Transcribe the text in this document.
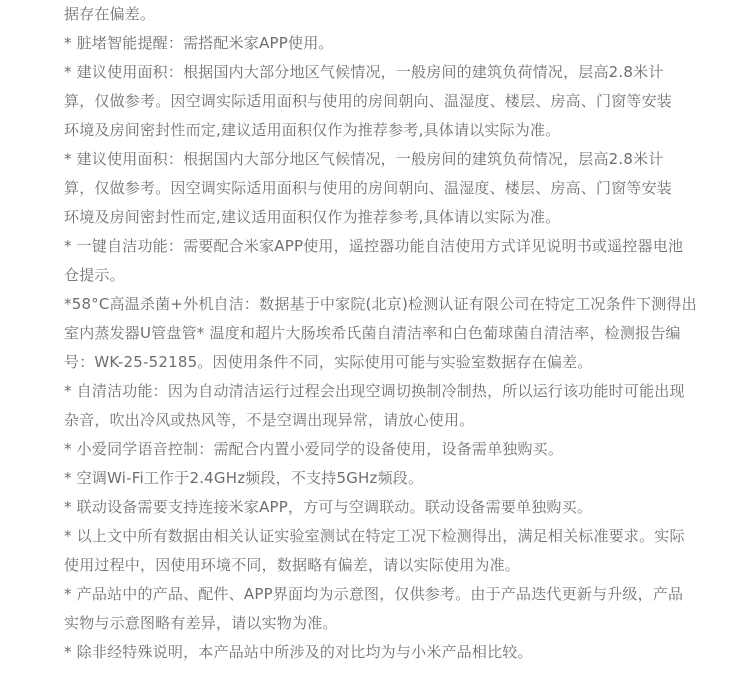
据存在偏差。
* 脏堵智能提醒：需搭配米家APP使用。
* 建议使用面积：根据国内大部分地区气候情况，一般房间的建筑负荷情况，层高2.8米计
算，仅做参考。因空调实际适用面积与使用的房间朝向、温湿度、楼层、房高、门窗等安装
环境及房间密封性而定,建议适用面积仅作为推荐参考,具体请以实际为准。
* 建议使用面积：根据国内大部分地区气候情况，一般房间的建筑负荷情况，层高2.8米计
算，仅做参考。因空调实际适用面积与使用的房间朝向、温湿度、楼层、房高、门窗等安装
环境及房间密封性而定,建议适用面积仅作为推荐参考,具体请以实际为准。
* 一键自洁功能：需要配合米家APP使用，遥控器功能自洁使用方式详见说明书或遥控器电池
仓提示。
*58°C高温杀菌+外机自洁：数据基于中家院(北京)检测认证有限公司在特定工况条件下测得出
室内蒸发器U管盘管* 温度和超片大肠埃希氏菌自清洁率和白色葡球菌自清洁率，检测报告编
号：WK-25-52185。因使用条件不同，实际使用可能与实验室数据存在偏差。
* 自清洁功能：因为自动清洁运行过程会出现空调切换制冷制热，所以运行该功能时可能出现
杂音，吹出冷风或热风等，不是空调出现异常，请放心使用。
* 小爱同学语音控制：需配合内置小爱同学的设备使用，设备需单独购买。
* 空调Wi-Fi工作于2.4GHz频段，不支持5GHz频段。
* 联动设备需要支持连接米家APP，方可与空调联动。联动设备需要单独购买。
* 以上文中所有数据由相关认证实验室测试在特定工况下检测得出，满足相关标准要求。实际
使用过程中，因使用环境不同，数据略有偏差，请以实际使用为准。
* 产品站中的产品、配件、APP界面均为示意图，仅供参考。由于产品迭代更新与升级，产品
实物与示意图略有差异，请以实物为准。
* 除非经特殊说明，本产品站中所涉及的对比均为与小米产品相比较。
